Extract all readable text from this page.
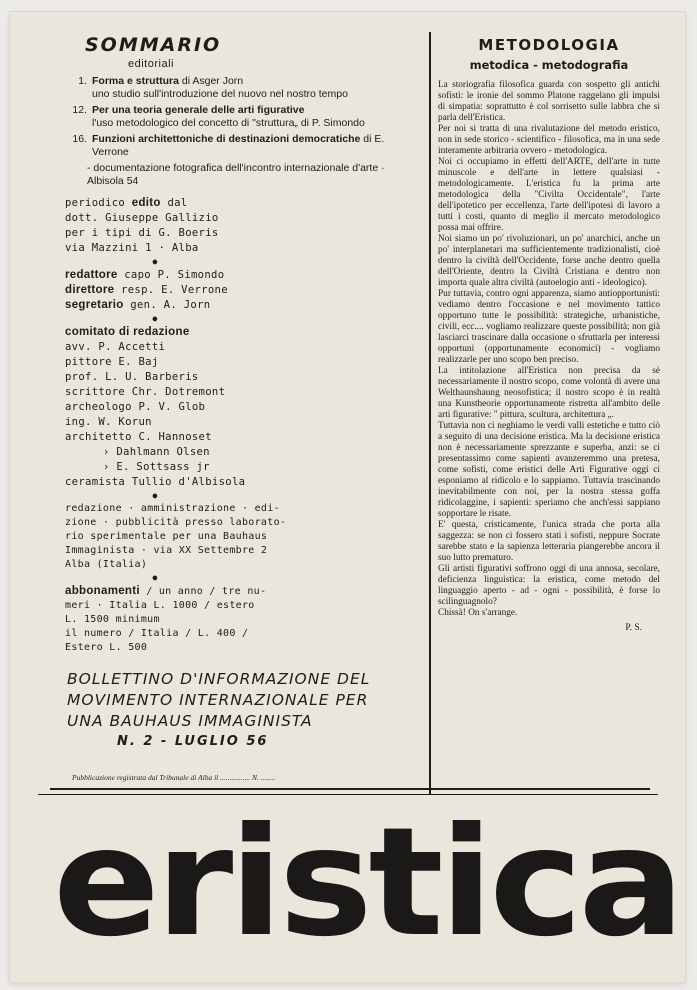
SOMMARIO
editoriali
1. Forma e struttura di Asger Jorn
uno studio sull'introduzione del nuovo nel nostro tempo
12. Per una teoria generale delle arti figurative
l'uso metodologico del concetto di "struttura„ di P. Simondo
16. Funzioni architettoniche di destinazioni democratiche di E. Verrone
- documentazione fotografica dell'incontro internazionale d'arte · Albisola 54
periodico edito dal
dott. Giuseppe Gallizio
per i tipi di G. Boeris
via Mazzini 1 · Alba
●
redattore capo P. Simondo
direttore resp. E. Verrone
segretario gen. A. Jorn
●
comitato di redazione
avv. P. Accetti
pittore E. Baj
prof. L. U. Barberis
scrittore Chr. Dotremont
archeologo P. V. Glob
ing. W. Korun
architetto C. Hannoset
› Dahlmann Olsen
› E. Sottsass jr
ceramista Tullio d'Albisola
●
redazione · amministrazione · edi-
zione · pubblicità presso laborato-
rio sperimentale per una Bauhaus
Immaginista · via XX Settembre 2
Alba (Italia)
●
abbonamenti / un anno / tre nu-
meri · Italia L. 1000 / estero
L. 1500 minimum
il numero / Italia / L. 400 /
Estero L. 500
BOLLETTINO D'INFORMAZIONE DEL
MOVIMENTO INTERNAZIONALE PER
UNA BAUHAUS IMMAGINISTA
N. 2 - LUGLIO 56
Pubblicazione registrata dal Tribunale di Alba il ................ N. ........
METODOLOGIA
metodica - metodografia

La storiografia filosofica guarda con sospetto gli antichi sofisti: le ironie del sommo Platone raggelano gli impulsi di simpatia: soprattutto è col sorrisetto sulle labbra che si parla dell'Eristica.

Per noi si tratta di una rivalutazione del metodo eristico, non in sede storico - scientifico - filosofica, ma in una sede interamente arbitraria ovvero - metodologica.

Noi ci occupiamo in effetti dell'ARTE, dell'arte in tutte minuscole e dell'arte in lettere qualsiasi - metodologicamente. L'eristica fu la prima arte metodologica della "Civilta Occidentale", l'arte dell'ipotetico per eccellenza, l'arte dell'ipotesi di lavoro a tutti i costi, quanto di meglio il mercato metodologico possa mai offrire.

Noi siamo un po' rivoluzionari, un po' anarchici, anche un po' interplanetari ma sufficientemente tradizionalisti, cioè dentro la civiltà dell'Occidente, forse anche dentro quella dell'Oriente, dentro la Civiltà Cristiana e dentro non importa quale altra civiltà (autoelogio anti - ideologico).

Pur tuttavia, contro ogni apparenza, siamo antiopportunisti: vediamo dentro l'occasione e nel movimento tattico opportuno tutte le possibilità: strategiche, urbanistiche, civili, ecc.... vogliamo realizzare queste possibilità; non già lasciarci trascinare dalla occasione o sfruttarla per interessi opportuni (opportunamente economici) - vogliamo realizzarle per uno scopo ben preciso.

La intitolazione all'Eristica non precisa da sè necessariamente il nostro scopo, come volontà di avere una Welthaunshaung neosofistica; il nostro scopo è in realtà una Kunstheorie opportunamente ristretta all'ambito delle arti figurative: " pittura, scultura, architettura „.

Tuttavia non ci neghiamo le verdi valli estetiche e tutto ciò a seguito di una decisione eristica. Ma la decisione eristica non è necessariamente sprezzante e superba, anzi: se ci presentassimo come sapienti avanzeremmo una pretesa, come sofisti, come eristici delle Arti Figurative oggi ci esponiamo al ridicolo e lo sappiamo. Tuttavia trascinando inevitabilmente con noi, per la nostra stessa goffa ridicolaggine, i sapienti: speriamo che anch'essi sappiano sopportare le risate.

E' questa, cristicamente, l'unica strada che porta alla saggezza: se non ci fossero stati i sofisti, neppure Socrate sarebbe stato e la sapienza letteraria piangerebbe ancora il suo lutto prematuro.

Gli artisti figurativi soffrono oggi di una annosa, secolare, deficienza linguistica: la eristica, come metodo del linguaggio aperto - ad - ogni - possibilità, è forse lo scilinguagnolo?

Chissà! On s'arrange.

P. S.
eristica
